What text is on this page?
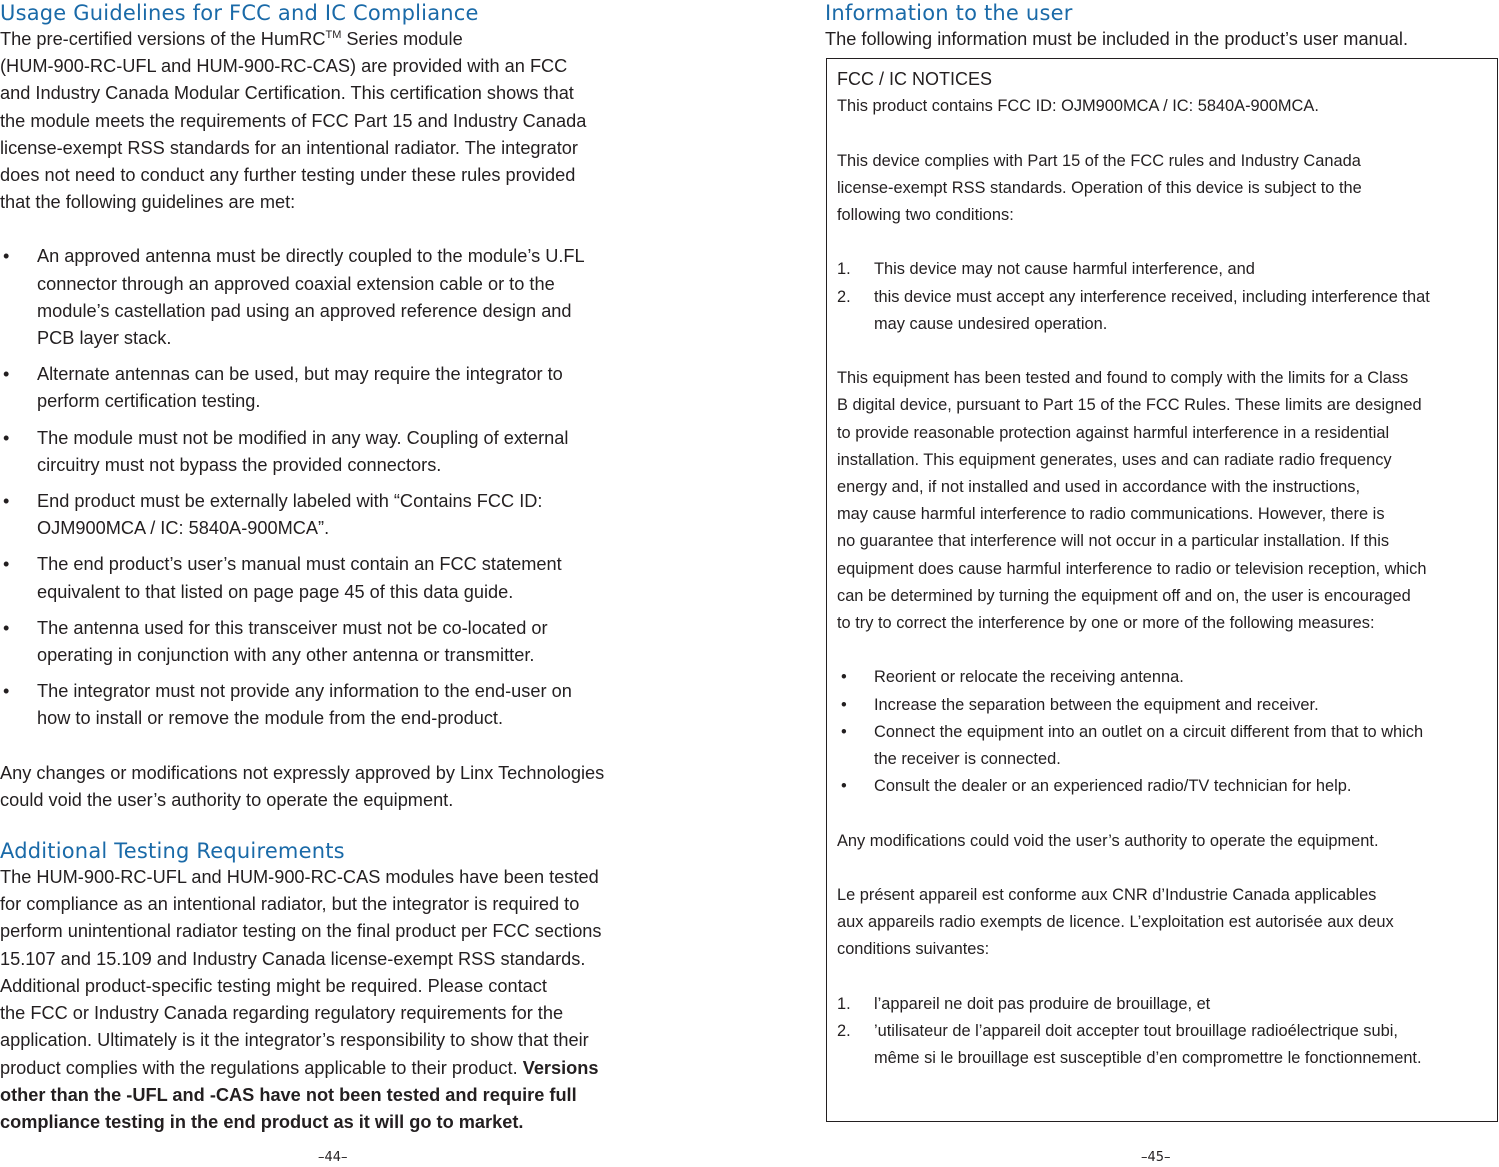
Usage Guidelines for FCC and IC Compliance

The pre-certified versions of the HumRC™ Series module
(HUM-900-RC-UFL and HUM-900-RC-CAS) are provided with an FCC
and Industry Canada Modular Certification. This certification shows that
the module meets the requirements of FCC Part 15 and Industry Canada
license-exempt RSS standards for an intentional radiator. The integrator
does not need to conduct any further testing under these rules provided
that the following guidelines are met:

• An approved antenna must be directly coupled to the module’s U.FL
connector through an approved coaxial extension cable or to the
module’s castellation pad using an approved reference design and
PCB layer stack.
• Alternate antennas can be used, but may require the integrator to
perform certification testing.
• The module must not be modified in any way. Coupling of external
circuitry must not bypass the provided connectors.
• End product must be externally labeled with “Contains FCC ID:
OJM900MCA / IC: 5840A-900MCA”.
• The end product’s user’s manual must contain an FCC statement
equivalent to that listed on page page 45 of this data guide.
• The antenna used for this transceiver must not be co-located or
operating in conjunction with any other antenna or transmitter.
• The integrator must not provide any information to the end-user on
how to install or remove the module from the end-product.

Any changes or modifications not expressly approved by Linx Technologies
could void the user’s authority to operate the equipment.

Additional Testing Requirements

The HUM-900-RC-UFL and HUM-900-RC-CAS modules have been tested
for compliance as an intentional radiator, but the integrator is required to
perform unintentional radiator testing on the final product per FCC sections
15.107 and 15.109 and Industry Canada license-exempt RSS standards.
Additional product-specific testing might be required. Please contact
the FCC or Industry Canada regarding regulatory requirements for the
application. Ultimately is it the integrator’s responsibility to show that their
product complies with the regulations applicable to their product. Versions
other than the -UFL and -CAS have not been tested and require full
compliance testing in the end product as it will go to market.

–44–
Information to the user

The following information must be included in the product’s user manual.

FCC / IC NOTICES

This product contains FCC ID: OJM900MCA / IC: 5840A-900MCA.

This device complies with Part 15 of the FCC rules and Industry Canada
license-exempt RSS standards. Operation of this device is subject to the
following two conditions:

1. This device may not cause harmful interference, and
2. this device must accept any interference received, including interference that
may cause undesired operation.

This equipment has been tested and found to comply with the limits for a Class
B digital device, pursuant to Part 15 of the FCC Rules. These limits are designed
to provide reasonable protection against harmful interference in a residential
installation. This equipment generates, uses and can radiate radio frequency
energy and, if not installed and used in accordance with the instructions,
may cause harmful interference to radio communications. However, there is
no guarantee that interference will not occur in a particular installation. If this
equipment does cause harmful interference to radio or television reception, which
can be determined by turning the equipment off and on, the user is encouraged
to try to correct the interference by one or more of the following measures:

• Reorient or relocate the receiving antenna.
• Increase the separation between the equipment and receiver.
• Connect the equipment into an outlet on a circuit different from that to which
the receiver is connected.
• Consult the dealer or an experienced radio/TV technician for help.

Any modifications could void the user’s authority to operate the equipment.

Le présent appareil est conforme aux CNR d’Industrie Canada applicables
aux appareils radio exempts de licence. L’exploitation est autorisée aux deux
conditions suivantes:

1. l’appareil ne doit pas produire de brouillage, et
2. ’utilisateur de l’appareil doit accepter tout brouillage radioélectrique subi,
même si le brouillage est susceptible d’en compromettre le fonctionnement.
–45–
